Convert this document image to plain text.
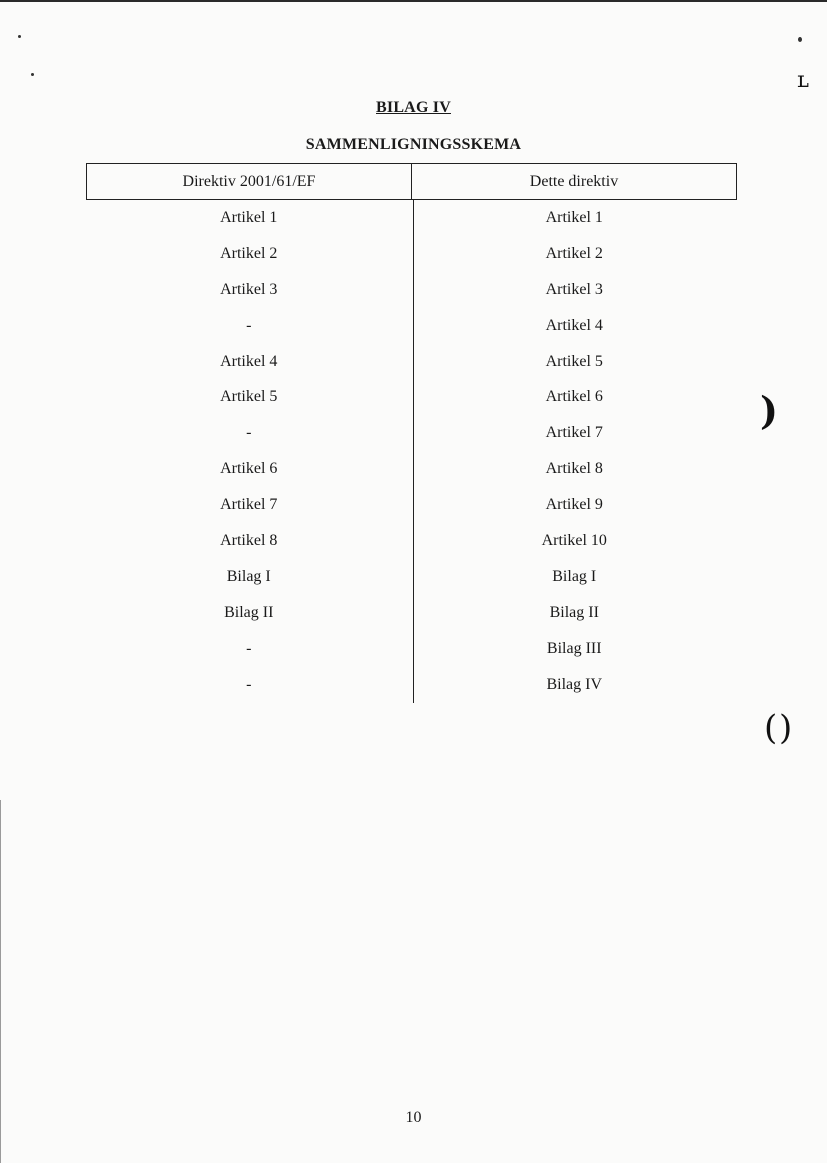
ʟ
)
( )
BILAG IV
SAMMENLIGNINGSSKEMA
Direktiv 2001/61/EF	Dette direktiv
Artikel 1	Artikel 1
Artikel 2	Artikel 2
Artikel 3	Artikel 3
-	Artikel 4
Artikel 4	Artikel 5
Artikel 5	Artikel 6
-	Artikel 7
Artikel 6	Artikel 8
Artikel 7	Artikel 9
Artikel 8	Artikel 10
Bilag I	Bilag I
Bilag II	Bilag II
-	Bilag III
-	Bilag IV
10
